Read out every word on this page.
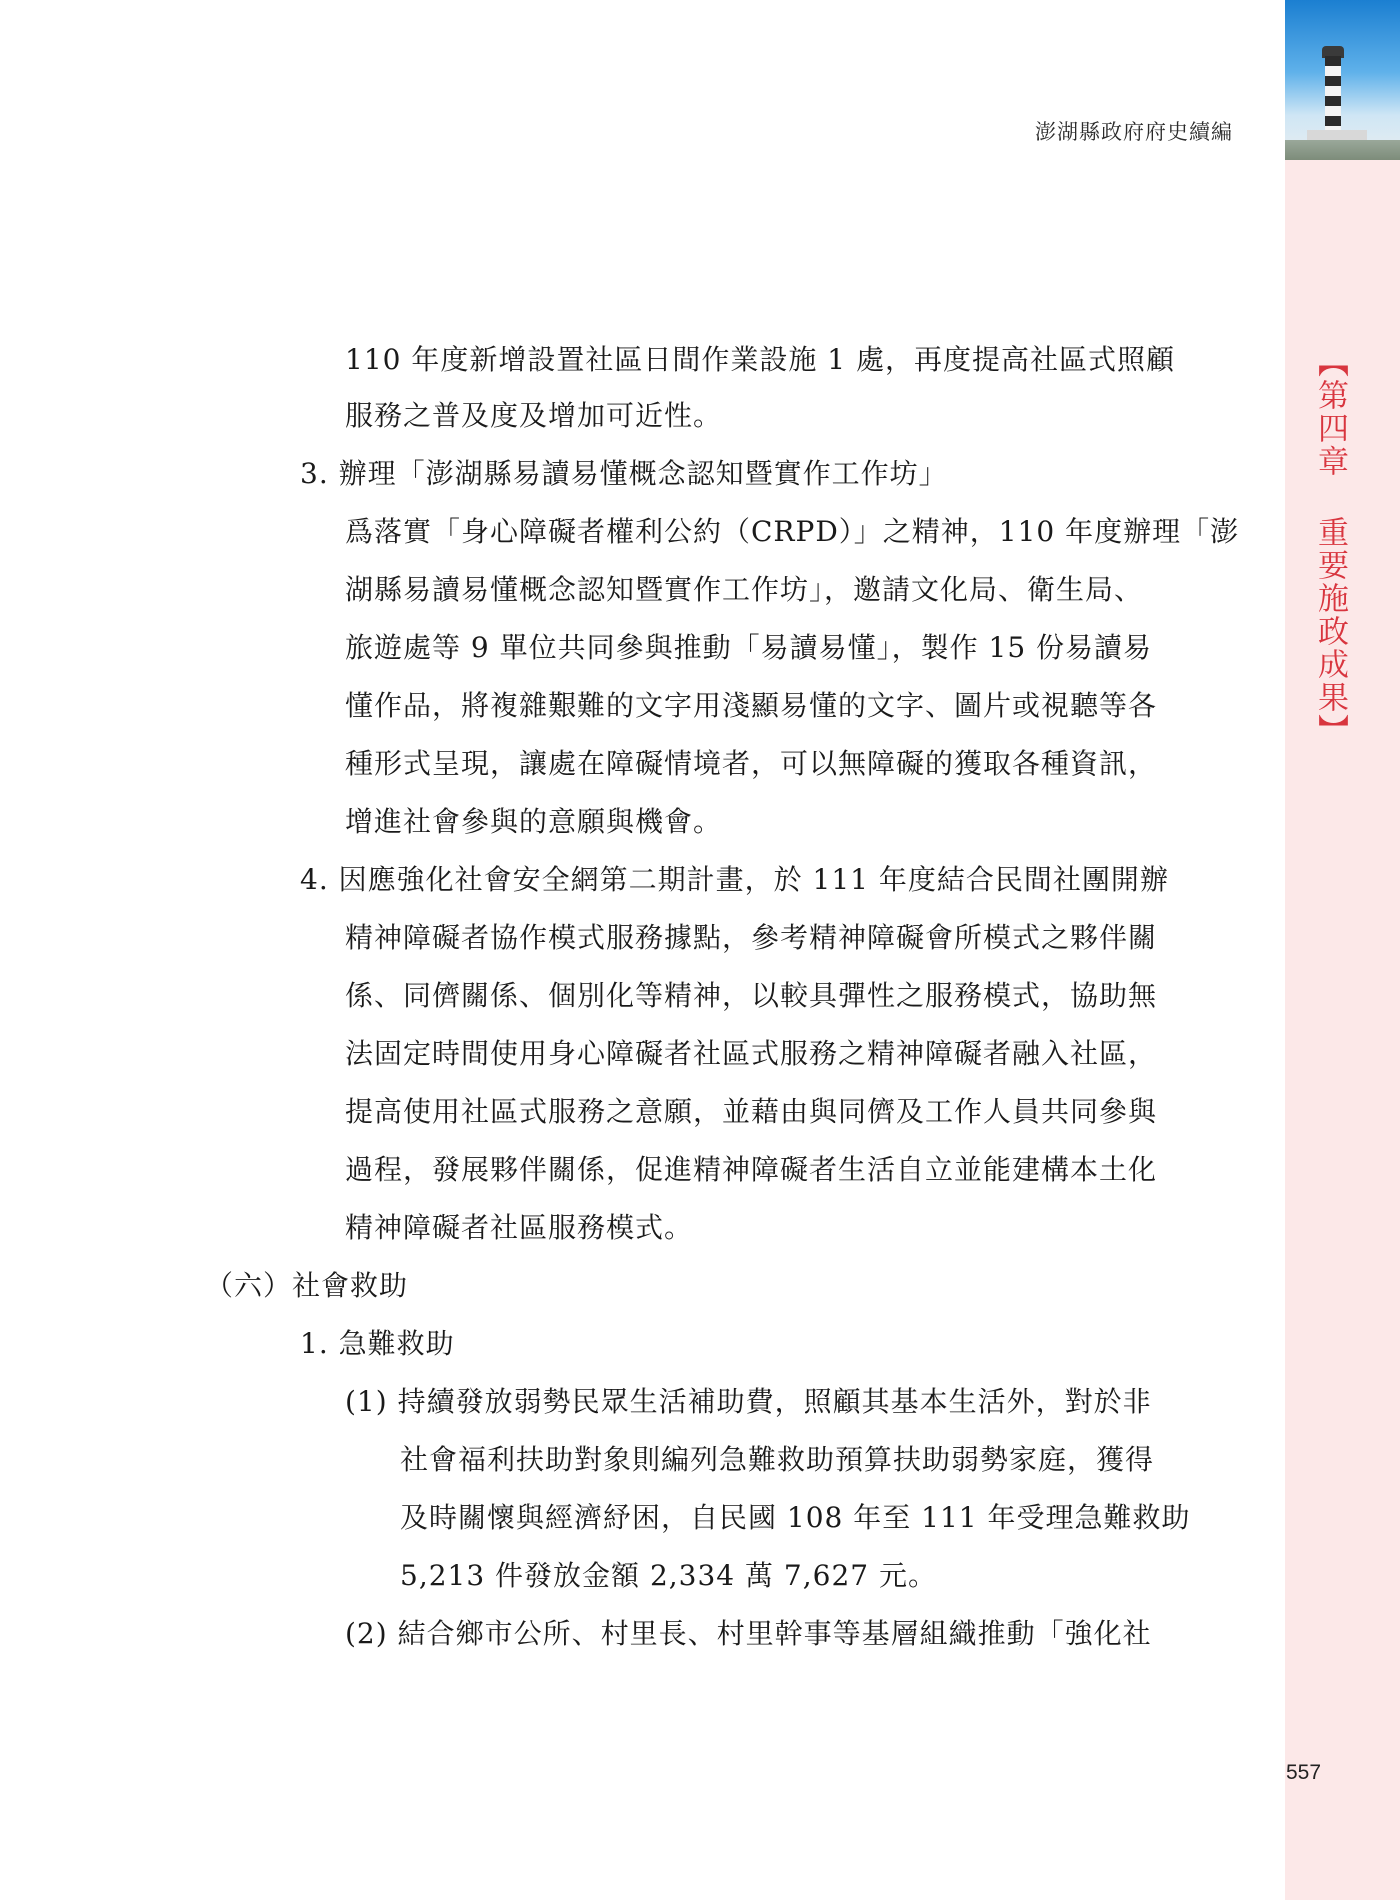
【第四章 重要施政成果】
澎湖縣政府府史續編
110 年度新增設置社區日間作業設施 1 處，再度提高社區式照顧
服務之普及度及增加可近性。
3. 辦理「澎湖縣易讀易懂概念認知暨實作工作坊」
爲落實「身心障礙者權利公約（CRPD）」之精神，110 年度辦理「澎
湖縣易讀易懂概念認知暨實作工作坊」，邀請文化局、衛生局、
旅遊處等 9 單位共同參與推動「易讀易懂」，製作 15 份易讀易
懂作品，將複雜艱難的文字用淺顯易懂的文字、圖片或視聽等各
種形式呈現，讓處在障礙情境者，可以無障礙的獲取各種資訊，
增進社會參與的意願與機會。
4. 因應強化社會安全網第二期計畫，於 111 年度結合民間社團開辦
精神障礙者協作模式服務據點，參考精神障礙會所模式之夥伴關
係、同儕關係、個別化等精神，以較具彈性之服務模式，協助無
法固定時間使用身心障礙者社區式服務之精神障礙者融入社區，
提高使用社區式服務之意願，並藉由與同儕及工作人員共同參與
過程，發展夥伴關係，促進精神障礙者生活自立並能建構本土化
精神障礙者社區服務模式。
（六）社會救助
1. 急難救助
(1) 持續發放弱勢民眾生活補助費，照顧其基本生活外，對於非
社會福利扶助對象則編列急難救助預算扶助弱勢家庭，獲得
及時關懷與經濟紓困，自民國 108 年至 111 年受理急難救助
5,213 件發放金額 2,334 萬 7,627 元。
(2) 結合鄉市公所、村里長、村里幹事等基層組織推動「強化社
557
